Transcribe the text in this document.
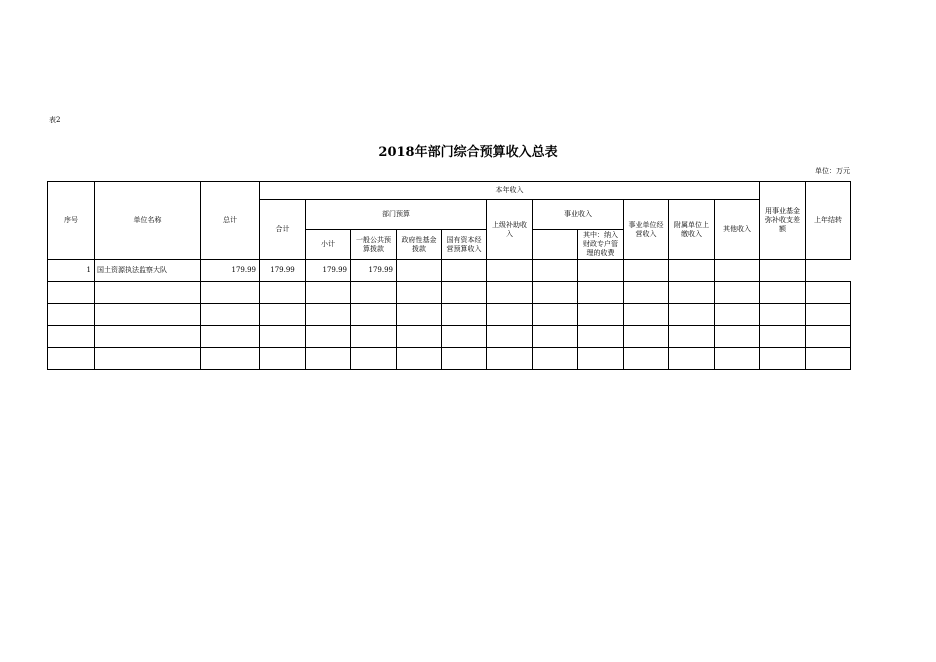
表2
2018年部门综合预算收入总表
单位：万元
序号	单位名称	总计	本年收入											用事业基金弥补收支差额	上年结转
			合计	部门预算				上级补助收入	事业收入		事业单位经营收入	附属单位上缴收入	其他收入		
				小计	一般公共预算拨款	政府性基金拨款	国有资本经营预算收入			其中：纳入财政专户管理的收费					
1	国土资源执法监察大队	179.99	179.99	179.99	179.99										
